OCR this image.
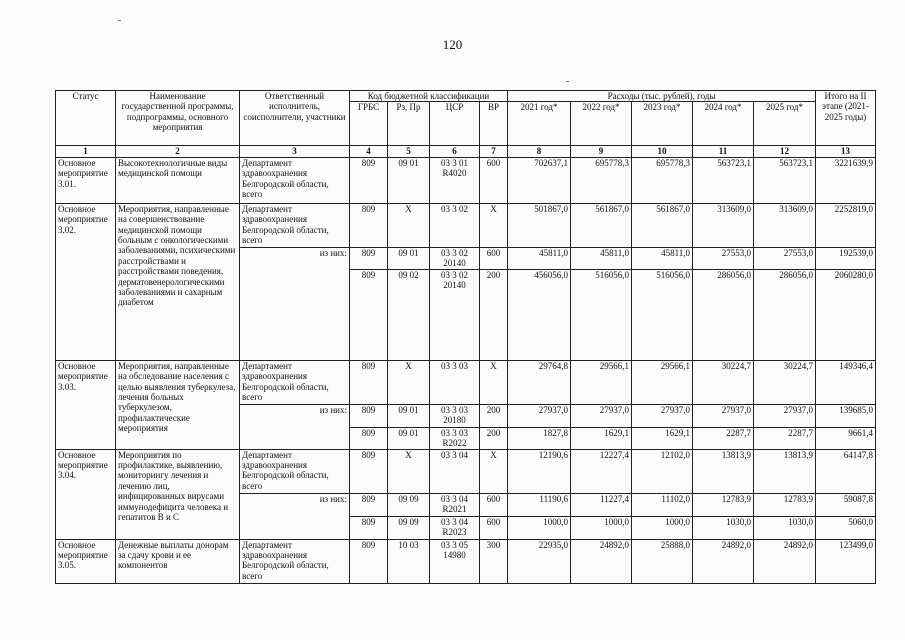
120
Статус	Наименование государственной программы, подпрограммы, основного мероприятия	Ответственный исполнитель, соисполнители, участники	Код бюджетной классификации				Расходы (тыс. рублей), годы					Итого на II этапе (2021-2025 годы)
			ГРБС	Рз, Пр	ЦСР	ВР	2021 год*	2022 год*	2023 год*	2024 год*	2025 год*	
1	2	3	4	5	6	7	8	9	10	11	12	13
Основное мероприятие 3.01.	Высокотехнологичные виды медицинской помощи	Департамент здравоохранения Белгородской области, всего	809	09 01	03 3 01 R4020	600	702637,1	695778,3	695778,3	563723,1	563723,1	3221639,9
Основное мероприятие 3.02.	Мероприятия, направленные на совершенствование медицинской помощи больным с онкологическими заболеваниями, психическими расстройствами и расстройствами поведения, дерматовенерологическими заболеваниями и сахарным диабетом	Департамент здравоохранения Белгородской области, всего	809	Х	03 3 02	Х	501867,0	561867,0	561867,0	313609,0	313609,0	2252819,0
		из них:	809	09 01	03 3 02 20140	600	45811,0	45811,0	45811,0	27553,0	27553,0	192539,0
			809	09 02	03 3 02 20140	200	456056,0	516056,0	516056,0	286056,0	286056,0	2060280,0
Основное мероприятие 3.03.	Мероприятия, направленные на обследование населения с целью выявления туберкулеза, лечения больных туберкулезом, профилактические мероприятия	Департамент здравоохранения Белгородской области, всего	809	Х	03 3 03	Х	29764,8	29566,1	29566,1	30224,7	30224,7	149346,4
		из них:	809	09 01	03 3 03 20180	200	27937,0	27937,0	27937,0	27937,0	27937,0	139685,0
			809	09 01	03 3 03 R2022	200	1827,8	1629,1	1629,1	2287,7	2287,7	9661,4
Основное мероприятие 3.04.	Мероприятия по профилактике, выявлению, мониторингу лечения и лечению лиц, инфицированных вирусами иммунодефицита человека и гепатитов В и С	Департамент здравоохранения Белгородской области, всего	809	Х	03 3 04	Х	12190,6	12227,4	12102,0	13813,9	13813,9	64147,8
		из них:	809	09 09	03 3 04 R2021	600	11190,6	11227,4	11102,0	12783,9	12783,9	59087,8
			809	09 09	03 3 04 R2023	600	1000,0	1000,0	1000,0	1030,0	1030,0	5060,0
Основное мероприятие 3.05.	Денежные выплаты донорам за сдачу крови и ее компонентов	Департамент здравоохранения Белгородской области, всего	809	10 03	03 3 05 14980	300	22935,0	24892,0	25888,0	24892,0	24892,0	123499,0
